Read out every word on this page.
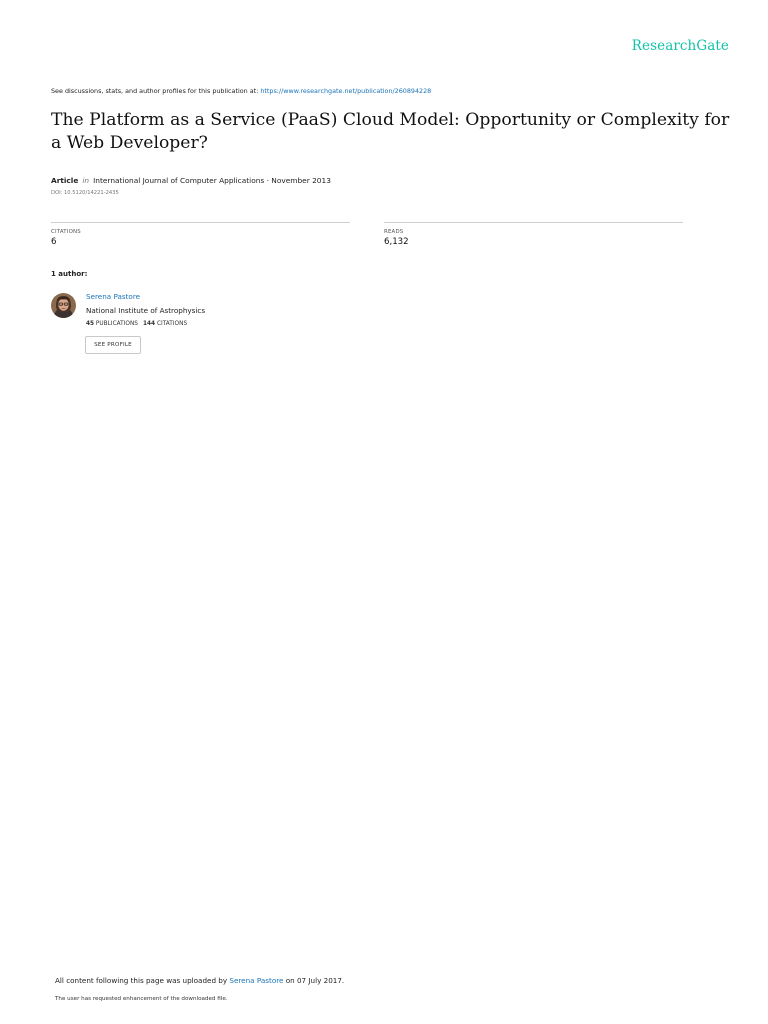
ResearchGate
See discussions, stats, and author profiles for this publication at: https://www.researchgate.net/publication/260894228
The Platform as a Service (PaaS) Cloud Model: Opportunity or Complexity for a Web Developer?
Article in International Journal of Computer Applications · November 2013
DOI: 10.5120/14221-2435
CITATIONS
6
READS
6,132
1 author:
Serena Pastore
National Institute of Astrophysics
45 PUBLICATIONS 144 CITATIONS
SEE PROFILE
All content following this page was uploaded by Serena Pastore on 07 July 2017.
The user has requested enhancement of the downloaded file.
